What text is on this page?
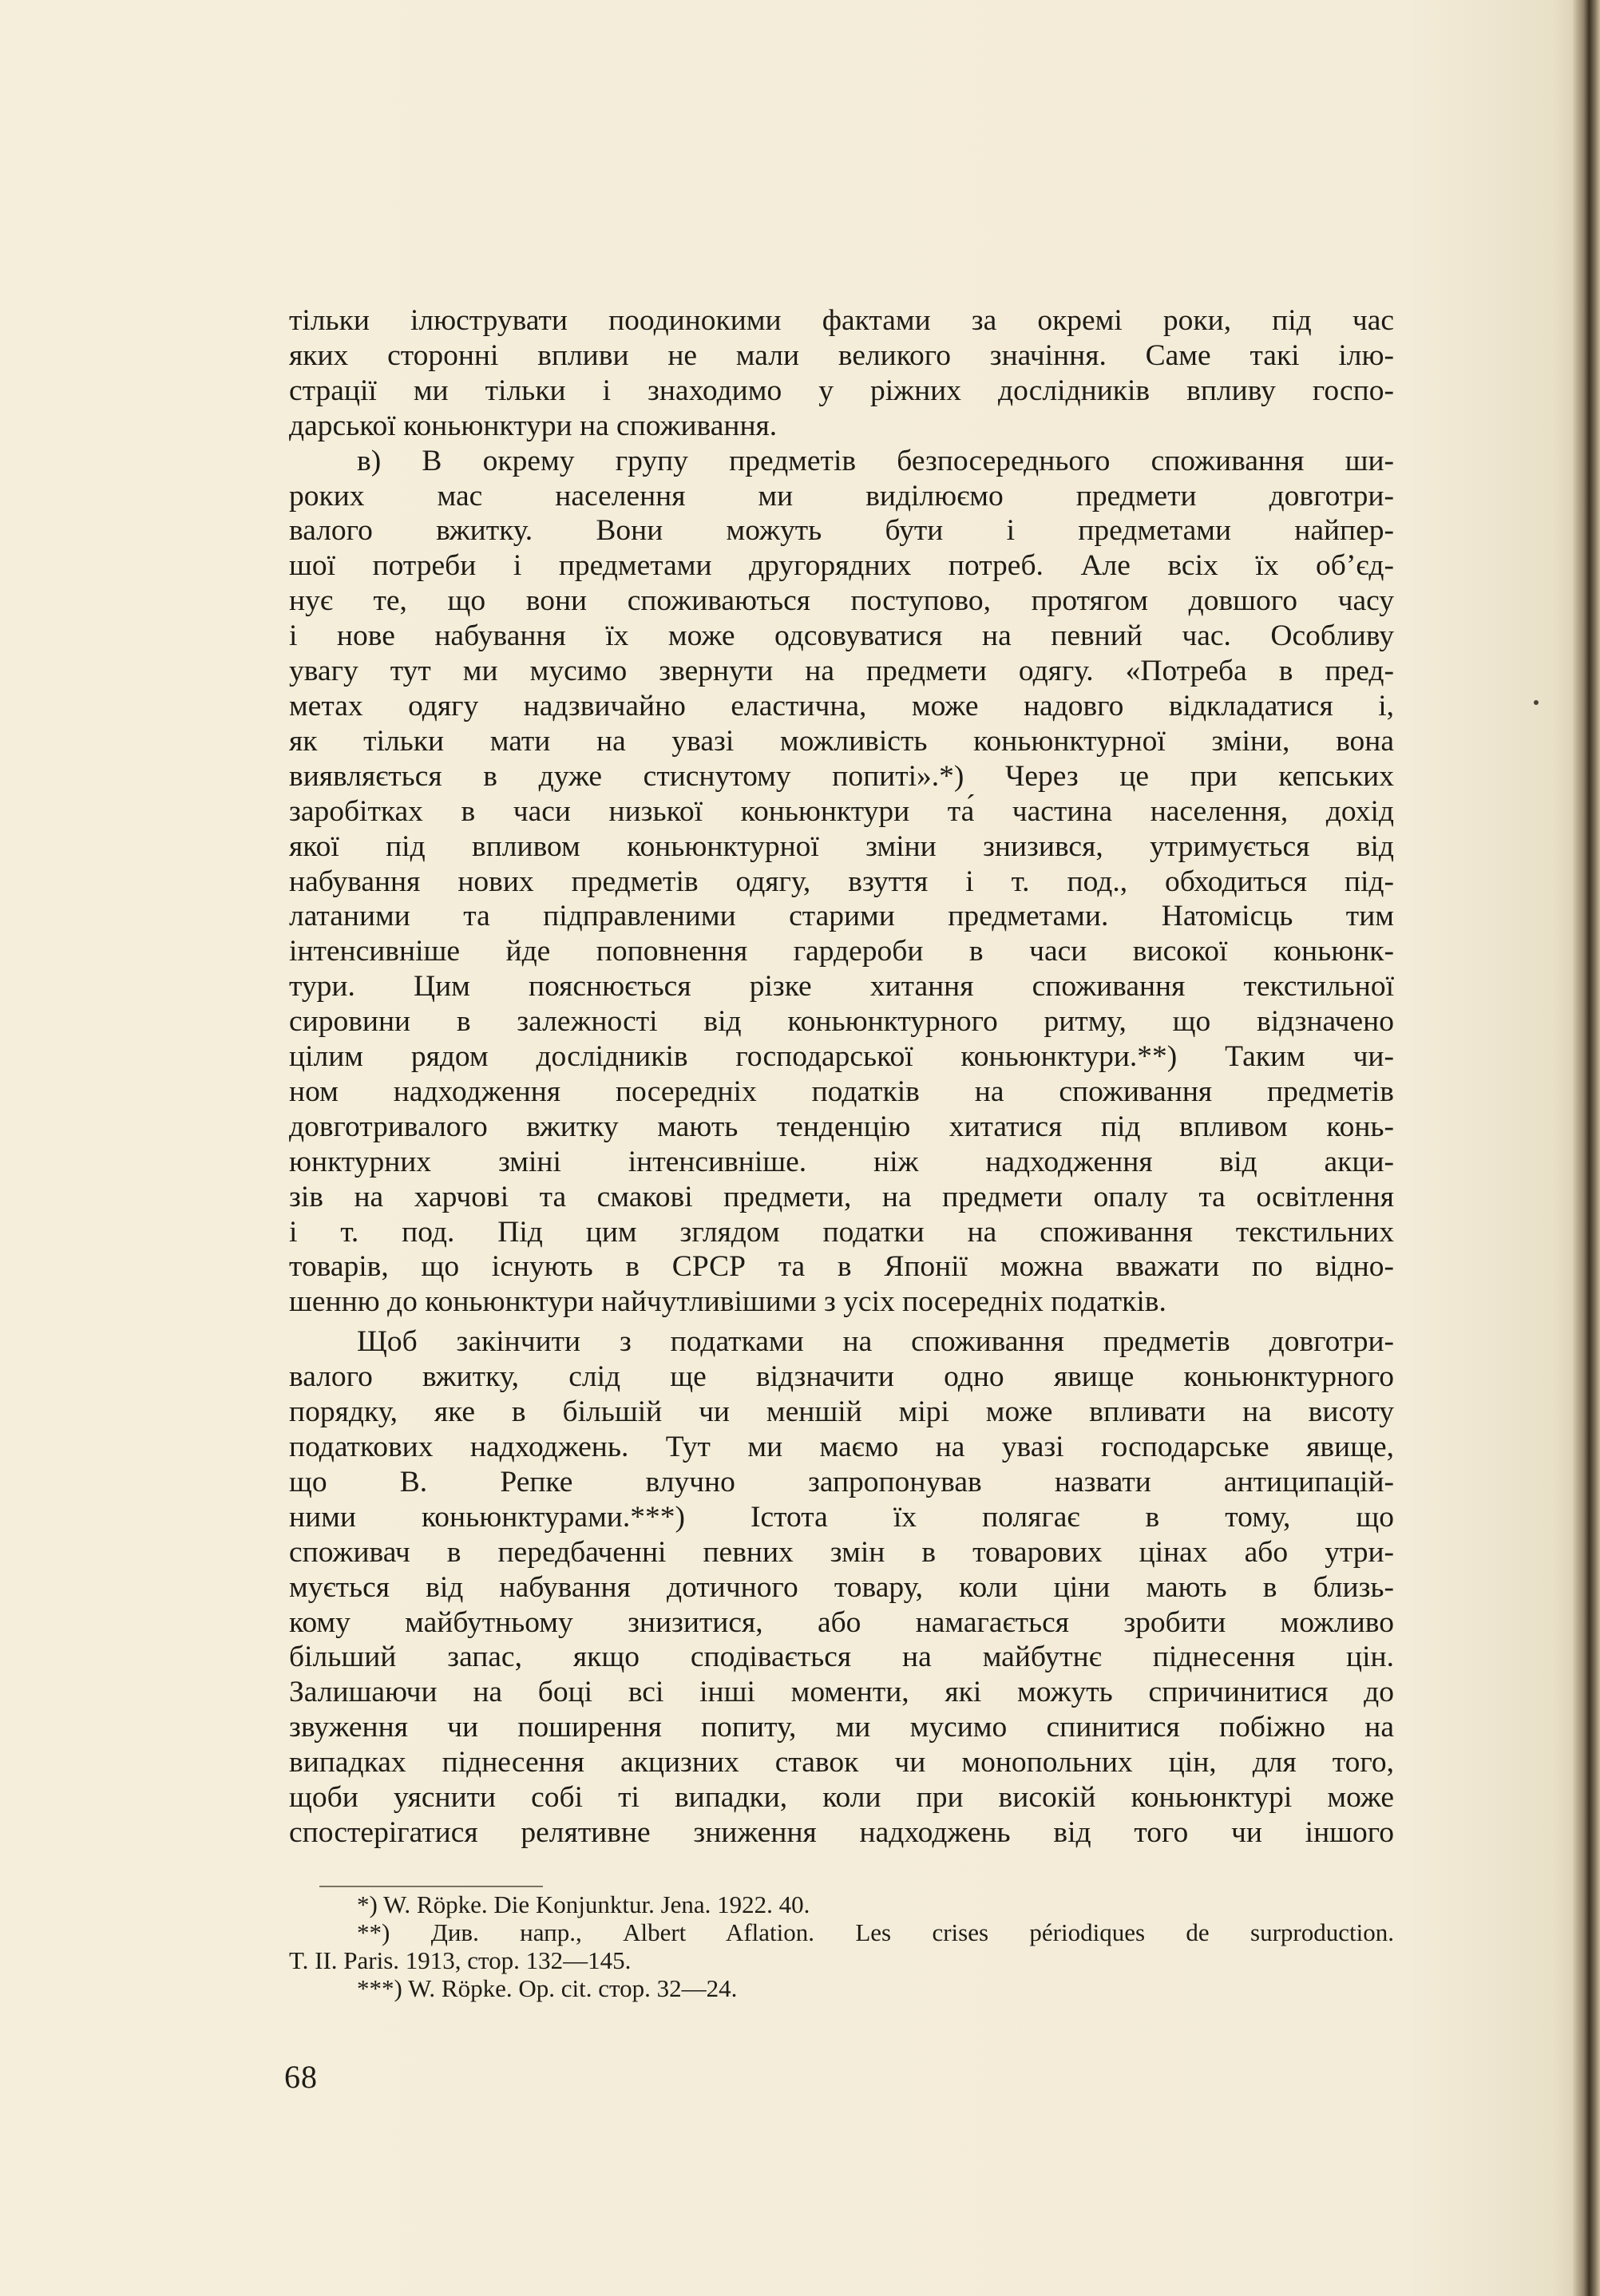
тільки ілюструвати поодинокими фактами за окремі роки, під час
яких сторонні впливи не мали великого значіння. Саме такі ілю-
страції ми тільки і знаходимо у ріжних дослідників впливу госпо-
дарської коньюнктури на споживання.
в) В окрему групу предметів безпосереднього споживання ши-
роких мас населення ми виділюємо предмети довготри-
валого вжитку. Вони можуть бути і предметами найпер-
шої потреби і предметами другорядних потреб. Але всіх їх об’єд-
нує те, що вони споживаються поступово, протягом довшого часу
і нове набування їх може одсовуватися на певний час. Особливу
увагу тут ми мусимо звернути на предмети одягу. «Потреба в пред-
метах одягу надзвичайно еластична, може надовго відкладатися і,
як тільки мати на увазі можливість коньюнктурної зміни, вона
виявляється в дуже стиснутому попиті».*) Через це при кепських
заробітках в часи низької коньюнктури та́ частина населення, дохід
якої під впливом коньюнктурної зміни знизився, утримується від
набування нових предметів одягу, взуття і т. под., обходиться під-
латаними та підправленими старими предметами. Натомісць тим
інтенсивніше йде поповнення гардероби в часи високої коньюнк-
тури. Цим пояснюється різке хитання споживання текстильної
сировини в залежності від коньюнктурного ритму, що відзначено
цілим рядом дослідників господарської коньюнктури.**) Таким чи-
ном надходження посередніх податків на споживання предметів
довготривалого вжитку мають тенденцію хитатися під впливом конь-
юнктурних зміні інтенсивніше. ніж надходження від акци-
зів на харчові та смакові предмети, на предмети опалу та освітлення
і т. под. Під цим зглядом податки на споживання текстильних
товарів, що існують в СРСР та в Японії можна вважати по відно-
шенню до коньюнктури найчутливішими з усіх посередніх податків.
Щоб закінчити з податками на споживання предметів довготри-
валого вжитку, слід ще відзначити одно явище коньюнктурного
порядку, яке в більшій чи меншій мірі може впливати на висоту
податкових надходжень. Тут ми маємо на увазі господарське явище,
що В. Репке влучно запропонував назвати антиципацій-
ними коньюнктурами.***) Істота їх полягає в тому, що
споживач в передбаченні певних змін в товарових цінах або утри-
мується від набування дотичного товару, коли ціни мають в близь-
кому майбутньому знизитися, або намагається зробити можливо
більший запас, якщо сподівається на майбутнє піднесення цін.
Залишаючи на боці всі інші моменти, які можуть спричинитися до
звуження чи поширення попиту, ми мусимо спинитися побіжно на
випадках піднесення акцизних ставок чи монопольних цін, для того,
щоби уяснити собі ті випадки, коли при високій коньюнктурі може
спостерігатися релятивне зниження надходжень від того чи іншого
*) W. Röpke. Die Konjunktur. Jena. 1922. 40.
**) Див. напр., Albert Aflation. Les crises périodiques de surproduction.
T. II. Paris. 1913, стор. 132—145.
***) W. Röpke. Op. cit. стор. 32—24.
68
